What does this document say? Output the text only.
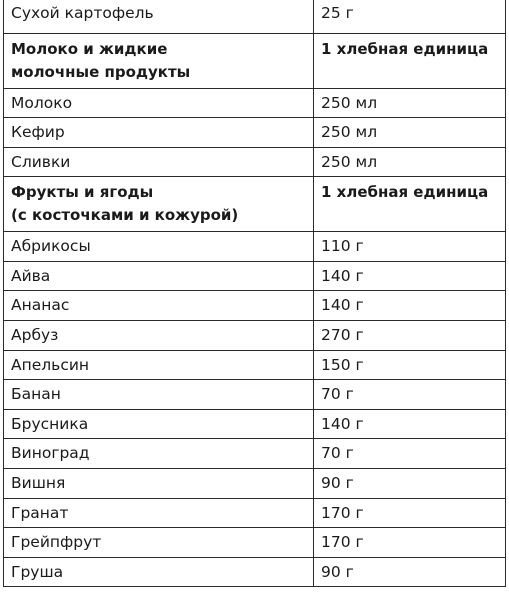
Сухой картофель	25 г

Молоко и жидкие
молочные продукты	1 хлебная единица
Молоко	250 мл
Кефир	250 мл
Сливки	250 мл

Фрукты и ягоды
(с косточками и кожурой)	1 хлебная единица
Абрикосы	110 г
Айва	140 г
Ананас	140 г
Арбуз	270 г
Апельсин	150 г
Банан	70 г
Брусника	140 г
Виноград	70 г
Вишня	90 г
Гранат	170 г
Грейпфрут	170 г
Груша	90 г
